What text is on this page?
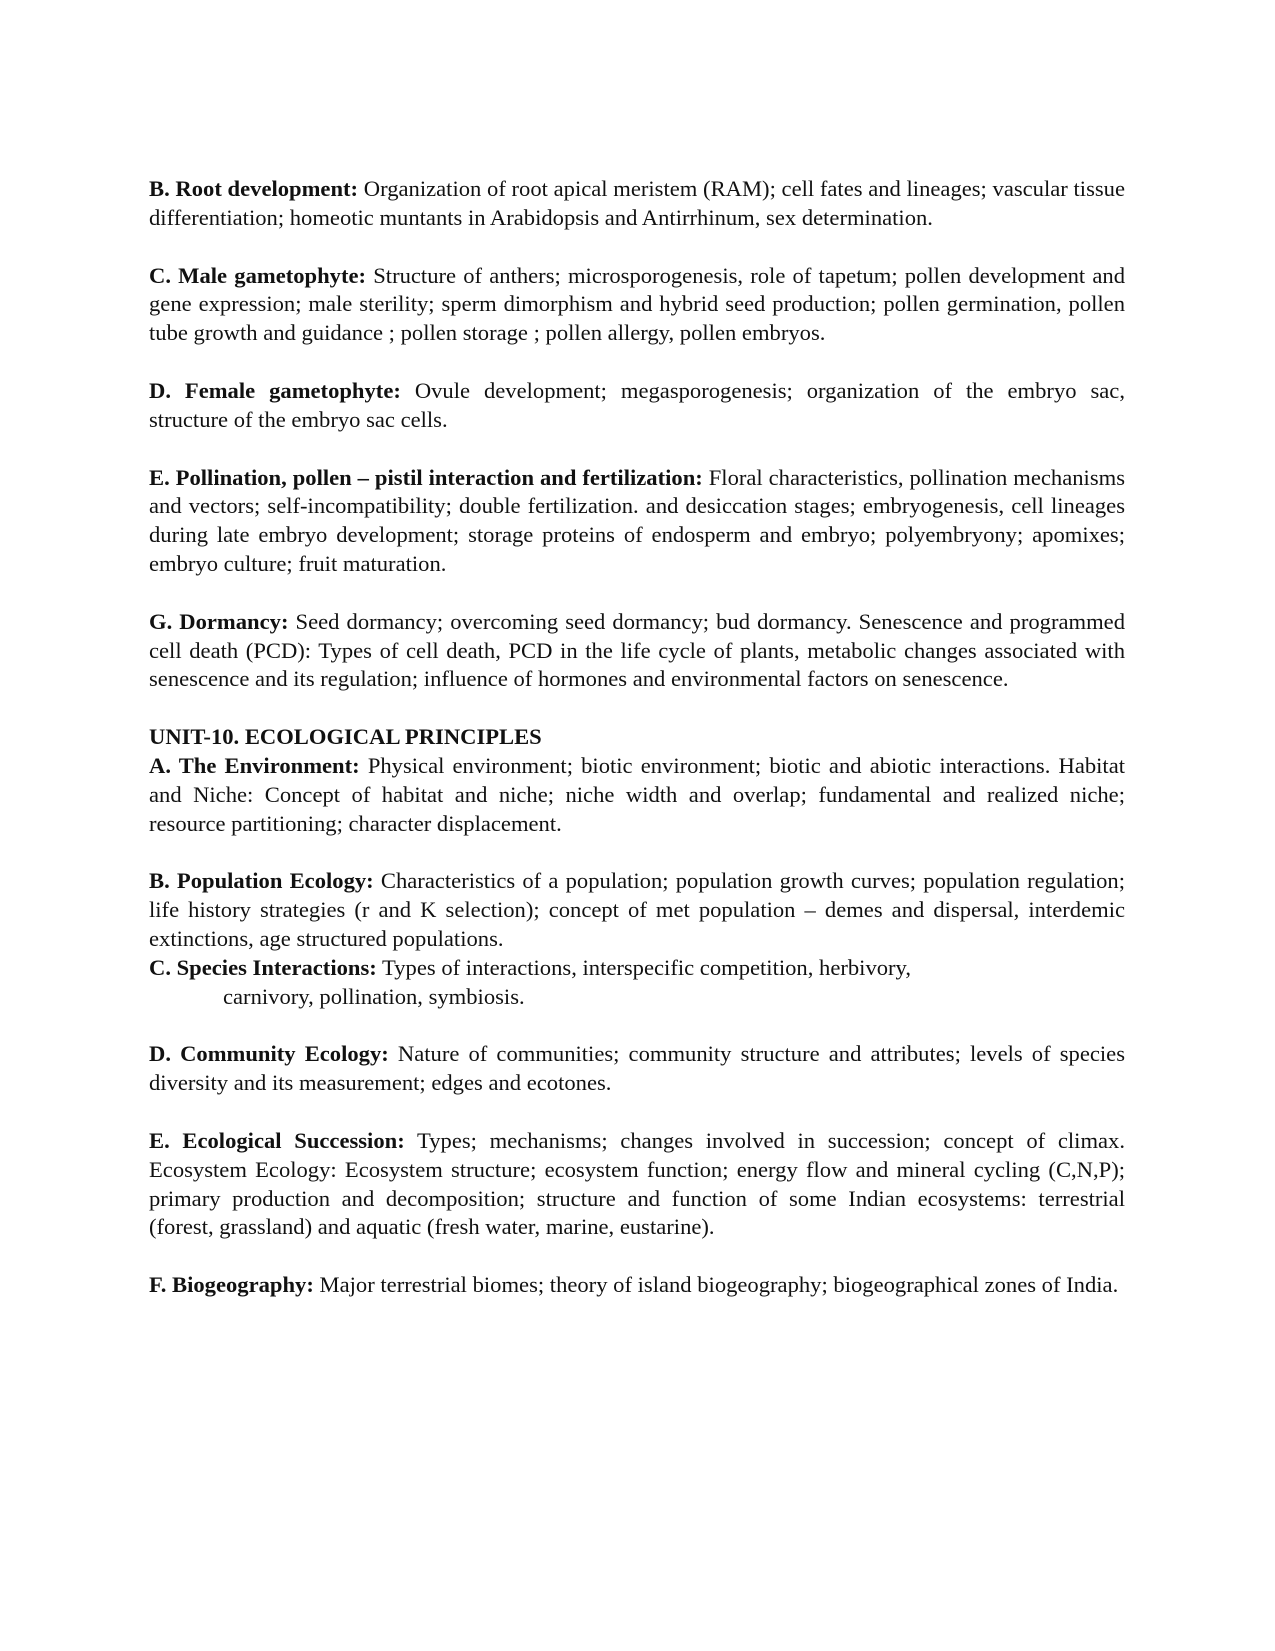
B. Root development: Organization of root apical meristem (RAM); cell fates and lineages; vascular tissue differentiation; homeotic muntants in Arabidopsis and Antirrhinum, sex determination.

C. Male gametophyte: Structure of anthers; microsporogenesis, role of tapetum; pollen development and gene expression; male sterility; sperm dimorphism and hybrid seed production; pollen germination, pollen tube growth and guidance ; pollen storage ; pollen allergy, pollen embryos.

D. Female gametophyte: Ovule development; megasporogenesis; organization of the embryo sac, structure of the embryo sac cells.

E. Pollination, pollen – pistil interaction and fertilization: Floral characteristics, pollination mechanisms and vectors; self-incompatibility; double fertilization. and desiccation stages; embryogenesis, cell lineages during late embryo development; storage proteins of endosperm and embryo; polyembryony; apomixes; embryo culture; fruit maturation.

G. Dormancy: Seed dormancy; overcoming seed dormancy; bud dormancy. Senescence and programmed cell death (PCD): Types of cell death, PCD in the life cycle of plants, metabolic changes associated with senescence and its regulation; influence of hormones and environmental factors on senescence.

UNIT-10. ECOLOGICAL PRINCIPLES

A. The Environment: Physical environment; biotic environment; biotic and abiotic interactions. Habitat and Niche: Concept of habitat and niche; niche width and overlap; fundamental and realized niche; resource partitioning; character displacement.

B. Population Ecology: Characteristics of a population; population growth curves; population regulation; life history strategies (r and K selection); concept of met population – demes and dispersal, interdemic extinctions, age structured populations.

C. Species Interactions: Types of interactions, interspecific competition, herbivory,
carnivory, pollination, symbiosis.

D. Community Ecology: Nature of communities; community structure and attributes; levels of species diversity and its measurement; edges and ecotones.

E. Ecological Succession: Types; mechanisms; changes involved in succession; concept of climax. Ecosystem Ecology: Ecosystem structure; ecosystem function; energy flow and mineral cycling (C,N,P); primary production and decomposition; structure and function of some Indian ecosystems: terrestrial (forest, grassland) and aquatic (fresh water, marine, eustarine).

F. Biogeography: Major terrestrial biomes; theory of island biogeography; biogeographical zones of India.
